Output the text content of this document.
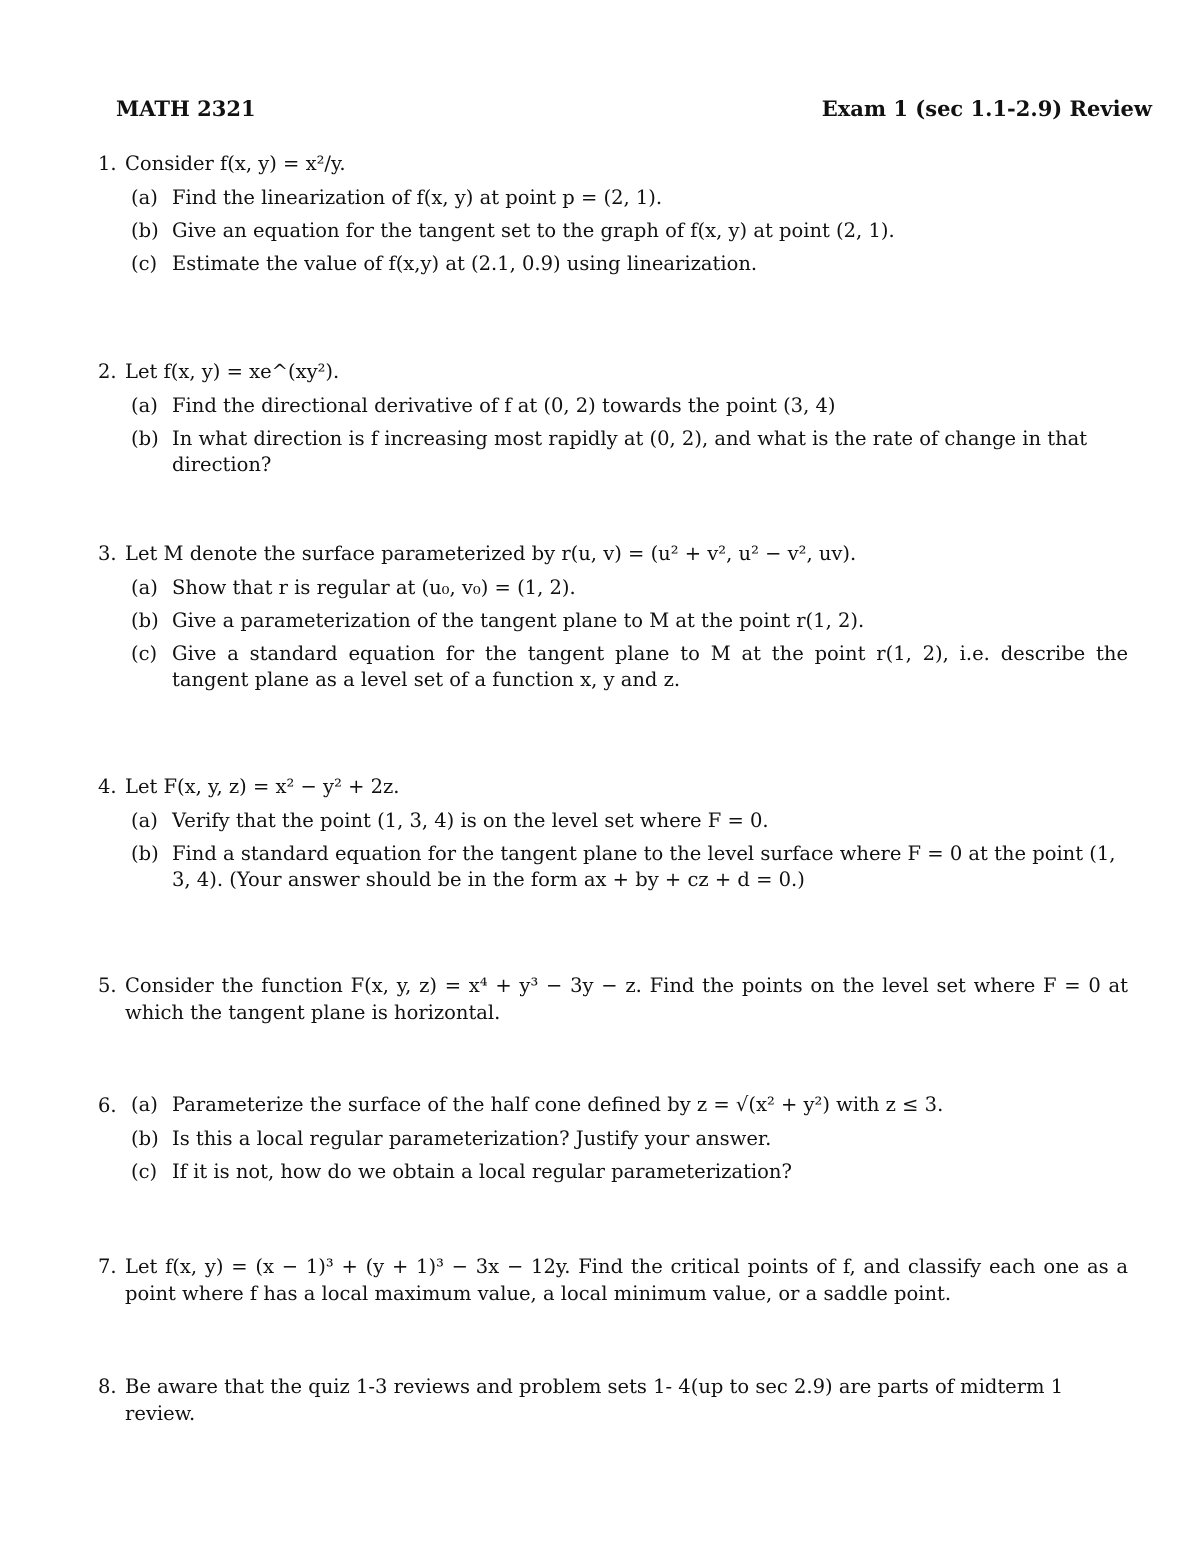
MATH 2321	Exam 1 (sec 1.1-2.9) Review
1. Consider f(x, y) = x²/y.
(a) Find the linearization of f(x, y) at point p = (2, 1).
(b) Give an equation for the tangent set to the graph of f(x, y) at point (2, 1).
(c) Estimate the value of f(x,y) at (2.1, 0.9) using linearization.
2. Let f(x, y) = xe^(xy²).
(a) Find the directional derivative of f at (0, 2) towards the point (3, 4)
(b) In what direction is f increasing most rapidly at (0, 2), and what is the rate of change in that direction?
3. Let M denote the surface parameterized by r(u, v) = (u² + v², u² − v², uv).
(a) Show that r is regular at (u₀, v₀) = (1, 2).
(b) Give a parameterization of the tangent plane to M at the point r(1, 2).
(c) Give a standard equation for the tangent plane to M at the point r(1, 2), i.e. describe the tangent plane as a level set of a function x, y and z.
4. Let F(x, y, z) = x² − y² + 2z.
(a) Verify that the point (1, 3, 4) is on the level set where F = 0.
(b) Find a standard equation for the tangent plane to the level surface where F = 0 at the point (1, 3, 4). (Your answer should be in the form ax + by + cz + d = 0.)
5. Consider the function F(x, y, z) = x⁴ + y³ − 3y − z. Find the points on the level set where F = 0 at which the tangent plane is horizontal.
6. (a) Parameterize the surface of the half cone defined by z = √(x² + y²) with z ≤ 3.
(b) Is this a local regular parameterization? Justify your answer.
(c) If it is not, how do we obtain a local regular parameterization?
7. Let f(x, y) = (x − 1)³ + (y + 1)³ − 3x − 12y. Find the critical points of f, and classify each one as a point where f has a local maximum value, a local minimum value, or a saddle point.
8. Be aware that the quiz 1-3 reviews and problem sets 1- 4(up to sec 2.9) are parts of midterm 1 review.
